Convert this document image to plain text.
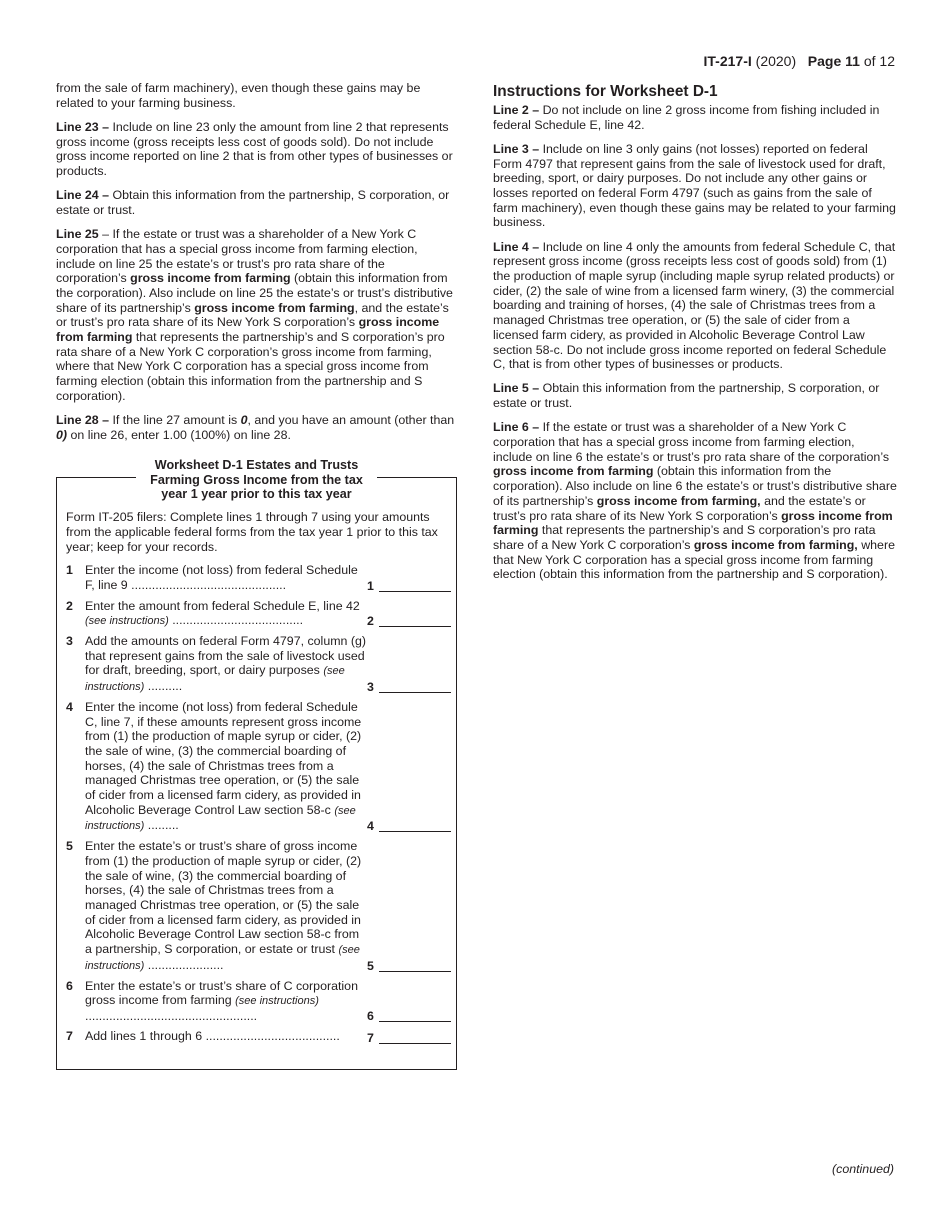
IT-217-I (2020) Page 11 of 12

from the sale of farm machinery), even though these gains may be related to your farming business.

Line 23 – Include on line 23 only the amount from line 2 that represents gross income (gross receipts less cost of goods sold). Do not include gross income reported on line 2 that is from other types of businesses or products.

Line 24 – Obtain this information from the partnership, S corporation, or estate or trust.

Line 25 – If the estate or trust was a shareholder of a New York C corporation that has a special gross income from farming election, include on line 25 the estate’s or trust’s pro rata share of the corporation’s gross income from farming (obtain this information from the corporation). Also include on line 25 the estate’s or trust’s distributive share of its partnership’s gross income from farming, and the estate’s or trust’s pro rata share of its New York S corporation’s gross income from farming that represents the partnership’s and S corporation’s pro rata share of a New York C corporation’s gross income from farming, where that New York C corporation has a special gross income from farming election (obtain this information from the partnership and S corporation).

Line 28 – If the line 27 amount is 0, and you have an amount (other than 0) on line 26, enter 1.00 (100%) on line 28.

Worksheet D-1 Estates and Trusts
Farming Gross Income from the tax
year 1 year prior to this tax year
Form IT-205 filers: Complete lines 1 through 7 using your amounts from the applicable federal forms from the tax year 1 prior to this tax year; keep for your records.
1 Enter the income (not loss) from federal Schedule F, line 9 .............................................	1
2 Enter the amount from federal Schedule E, line 42 (see instructions) ......................................	2
3 Add the amounts on federal Form 4797, column (g) that represent gains from the sale of livestock used for draft, breeding, sport, or dairy purposes (see instructions) ..........	3
4 Enter the income (not loss) from federal Schedule C, line 7, if these amounts represent gross income from (1) the production of maple syrup or cider, (2) the sale of wine, (3) the commercial boarding of horses, (4) the sale of Christmas trees from a managed Christmas tree operation, or (5) the sale of cider from a licensed farm cidery, as provided in Alcoholic Beverage Control Law section 58-c (see instructions) .........	4
5 Enter the estate’s or trust’s share of gross income from (1) the production of maple syrup or cider, (2) the sale of wine, (3) the commercial boarding of horses, (4) the sale of Christmas trees from a managed Christmas tree operation, or (5) the sale of cider from a licensed farm cidery, as provided in Alcoholic Beverage Control Law section 58-c from a partnership, S corporation, or estate or trust (see instructions) ......................	5
6 Enter the estate’s or trust’s share of C corporation gross income from farming (see instructions) ..................................................	6
7 Add lines 1 through 6 .......................................	7
Instructions for Worksheet D-1

Line 2 – Do not include on line 2 gross income from fishing included in federal Schedule E, line 42.

Line 3 – Include on line 3 only gains (not losses) reported on federal Form 4797 that represent gains from the sale of livestock used for draft, breeding, sport, or dairy purposes. Do not include any other gains or losses reported on federal Form 4797 (such as gains from the sale of farm machinery), even though these gains may be related to your farming business.

Line 4 – Include on line 4 only the amounts from federal Schedule C, that represent gross income (gross receipts less cost of goods sold) from (1) the production of maple syrup (including maple syrup related products) or cider, (2) the sale of wine from a licensed farm winery, (3) the commercial boarding and training of horses, (4) the sale of Christmas trees from a managed Christmas tree operation, or (5) the sale of cider from a licensed farm cidery, as provided in Alcoholic Beverage Control Law section 58-c. Do not include gross income reported on federal Schedule C, that is from other types of businesses or products.

Line 5 – Obtain this information from the partnership, S corporation, or estate or trust.

Line 6 – If the estate or trust was a shareholder of a New York C corporation that has a special gross income from farming election, include on line 6 the estate’s or trust’s pro rata share of the corporation’s gross income from farming (obtain this information from the corporation). Also include on line 6 the estate’s or trust’s distributive share of its partnership’s gross income from farming, and the estate’s or trust’s pro rata share of its New York S corporation’s gross income from farming that represents the partnership’s and S corporation’s pro rata share of a New York C corporation’s gross income from farming, where that New York C corporation has a special gross income from farming election (obtain this information from the partnership and S corporation).

(continued)
